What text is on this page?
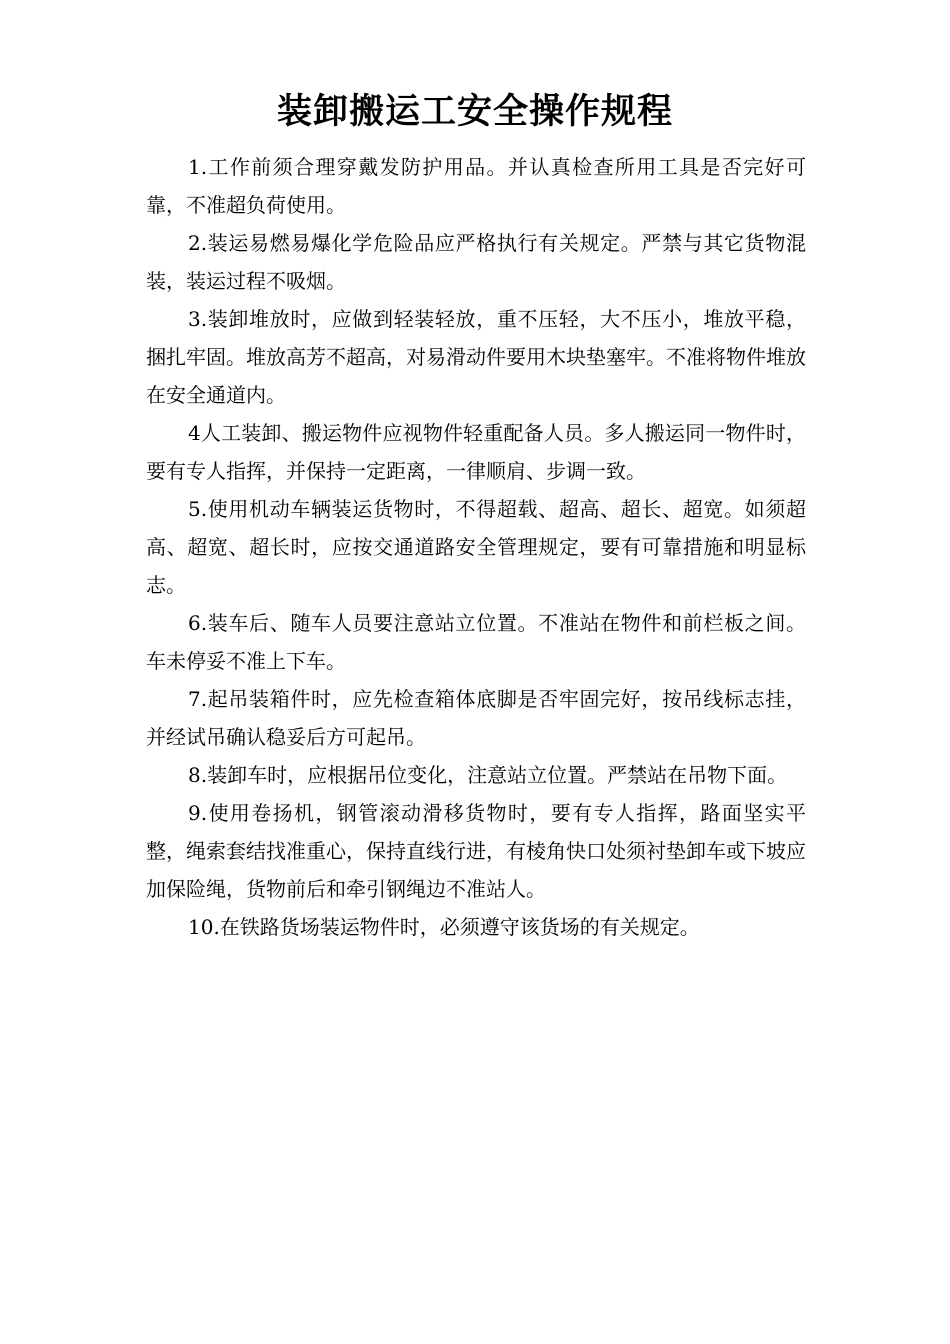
装卸搬运工安全操作规程

1.工作前须合理穿戴发防护用品。并认真检查所用工具是否完好可靠，不准超负荷使用。

2.装运易燃易爆化学危险品应严格执行有关规定。严禁与其它货物混装，装运过程不吸烟。

3.装卸堆放时，应做到轻装轻放，重不压轻，大不压小，堆放平稳，捆扎牢固。堆放高芳不超高，对易滑动件要用木块垫塞牢。不准将物件堆放在安全通道内。

4人工装卸、搬运物件应视物件轻重配备人员。多人搬运同一物件时，要有专人指挥，并保持一定距离，一律顺肩、步调一致。

5.使用机动车辆装运货物时，不得超载、超高、超长、超宽。如须超高、超宽、超长时，应按交通道路安全管理规定，要有可靠措施和明显标志。

6.装车后、随车人员要注意站立位置。不准站在物件和前栏板之间。车未停妥不准上下车。

7.起吊装箱件时，应先检查箱体底脚是否牢固完好，按吊线标志挂，并经试吊确认稳妥后方可起吊。

8.装卸车时，应根据吊位变化，注意站立位置。严禁站在吊物下面。

9.使用卷扬机，钢管滚动滑移货物时，要有专人指挥，路面坚实平整，绳索套结找准重心，保持直线行进，有棱角快口处须衬垫卸车或下坡应加保险绳，货物前后和牵引钢绳边不准站人。

10.在铁路货场装运物件时，必须遵守该货场的有关规定。
